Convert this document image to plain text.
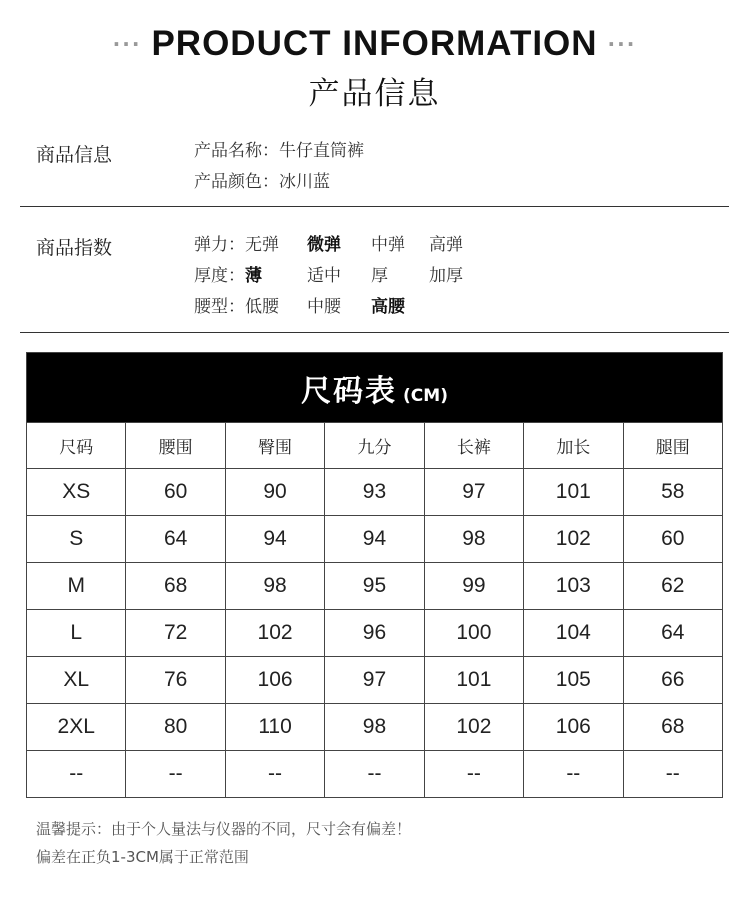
··· PRODUCT INFORMATION ···
产品信息
商品信息	产品名称：牛仔直筒裤
产品颜色：冰川蓝
商品指数	弹力：无弹 微弹 中弹 高弹
厚度：薄	适中 厚 加厚
腰型：低腰 中腰 高腰
尺码表 (CM)						
尺码	腰围	臀围	九分	长裤	加长	腿围
XS	60	90	93	97	101	58
S	64	94	94	98	102	60
M	68	98	95	99	103	62
L	72	102	96	100	104	64
XL	76	106	97	101	105	66
2XL	80	110	98	102	106	68
--	--	--	--	--	--	--
温馨提示：由于个人量法与仪器的不同，尺寸会有偏差！
偏差在正负1-3CM属于正常范围
